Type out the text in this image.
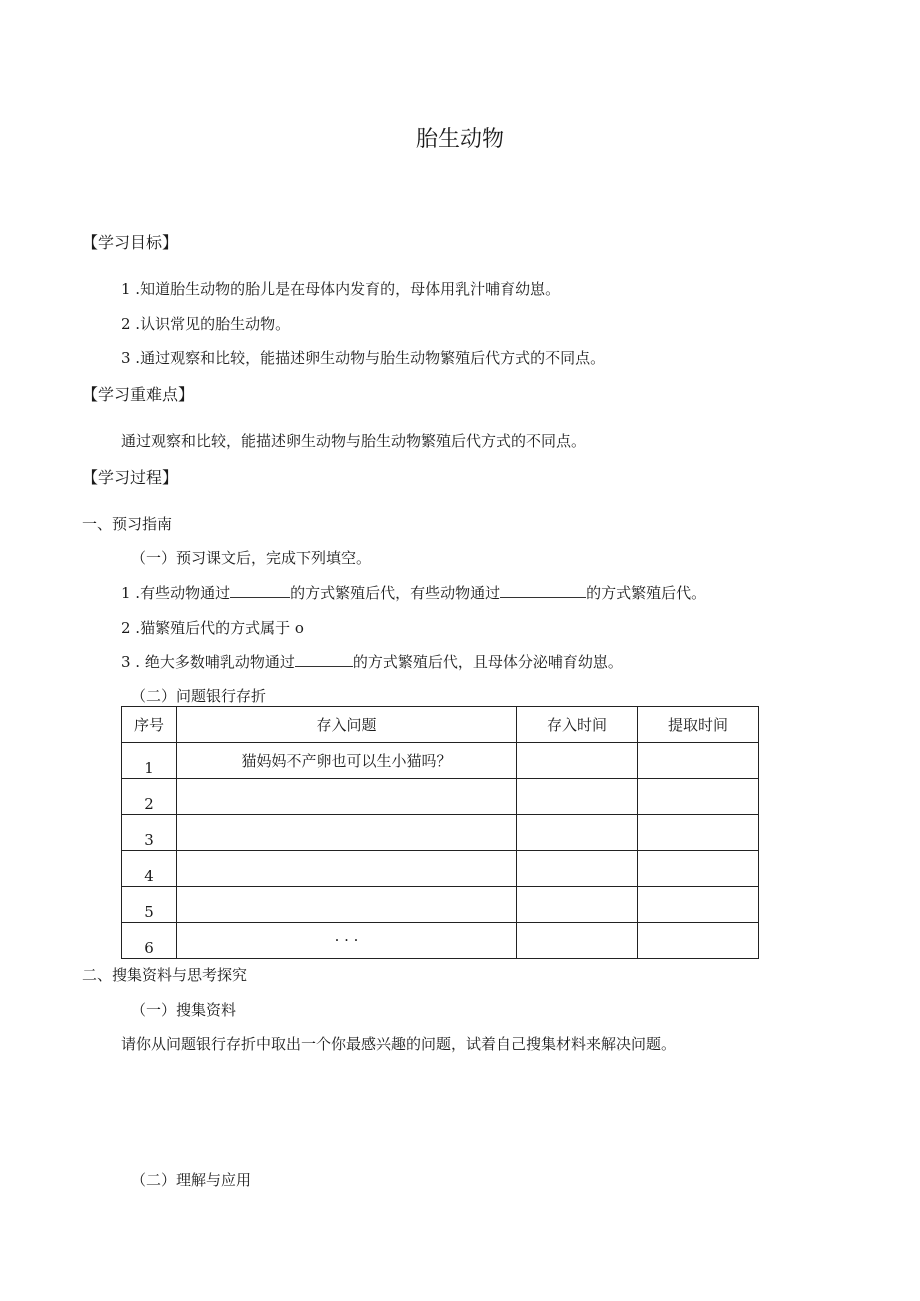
胎生动物
【学习目标】
1 .知道胎生动物的胎儿是在母体内发育的，母体用乳汁哺育幼崽。
2 .认识常见的胎生动物。
3 .通过观察和比较，能描述卵生动物与胎生动物繁殖后代方式的不同点。
【学习重难点】
通过观察和比较，能描述卵生动物与胎生动物繁殖后代方式的不同点。
【学习过程】
一、预习指南
（一）预习课文后，完成下列填空。
1 .有些动物通过	的方式繁殖后代，有些动物通过	的方式繁殖后代。
2 .猫繁殖后代的方式属于 o
3 . 绝大多数哺乳动物通过	的方式繁殖后代，且母体分泌哺育幼崽。
（二）问题银行存折
序号	存入问题	存入时间	提取时间
1	猫妈妈不产卵也可以生小猫吗？		
2			
3			
4			
5			
6	· · ·		
二、搜集资料与思考探究
（一）搜集资料
请你从问题银行存折中取出一个你最感兴趣的问题，试着自己搜集材料来解决问题。
（二）理解与应用
